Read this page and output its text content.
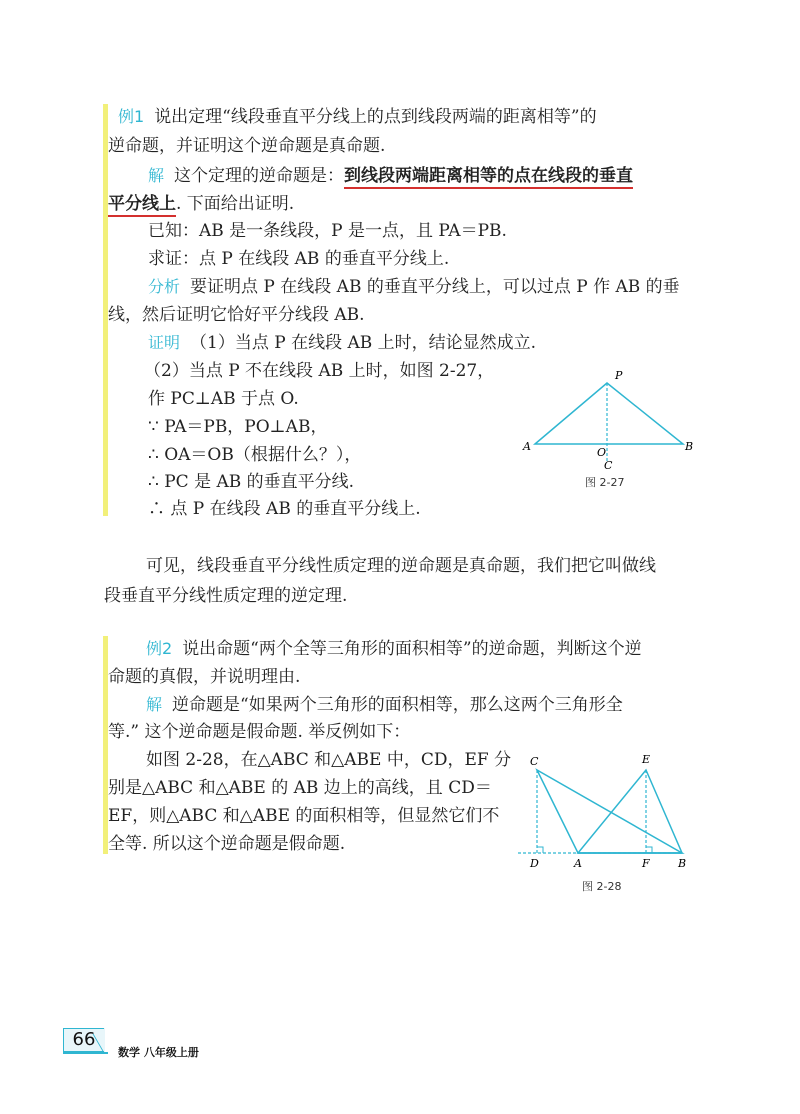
例1 说出定理“线段垂直平分线上的点到线段两端的距离相等”的
逆命题，并证明这个逆命题是真命题.
解 这个定理的逆命题是：到线段两端距离相等的点在线段的垂直
平分线上. 下面给出证明.
已知：AB 是一条线段，P 是一点，且 PA＝PB.
求证：点 P 在线段 AB 的垂直平分线上.
分析 要证明点 P 在线段 AB 的垂直平分线上，可以过点 P 作 AB 的垂
线，然后证明它恰好平分线段 AB.
证明 （1）当点 P 在线段 AB 上时，结论显然成立.
（2）当点 P 不在线段 AB 上时，如图 2-27，
作 PC⊥AB 于点 O.
∵ PA＝PB，PO⊥AB，
∴ OA＝OB（根据什么？），
∴ PC 是 AB 的垂直平分线.
∴ 点 P 在线段 AB 的垂直平分线上.
P
A	B
O
C
图 2-27
可见，线段垂直平分线性质定理的逆命题是真命题，我们把它叫做线
段垂直平分线性质定理的逆定理.
例2 说出命题“两个全等三角形的面积相等”的逆命题，判断这个逆
命题的真假，并说明理由.
解 逆命题是“如果两个三角形的面积相等，那么这两个三角形全
等.” 这个逆命题是假命题. 举反例如下：
如图 2-28，在△ABC 和△ABE 中，CD，EF 分
别是△ABC 和△ABE 的 AB 边上的高线，且 CD＝
EF，则△ABC 和△ABE 的面积相等，但显然它们不
全等. 所以这个逆命题是假命题.
C	E
D	A	F	B
图 2-28
66
数学 八年级上册
